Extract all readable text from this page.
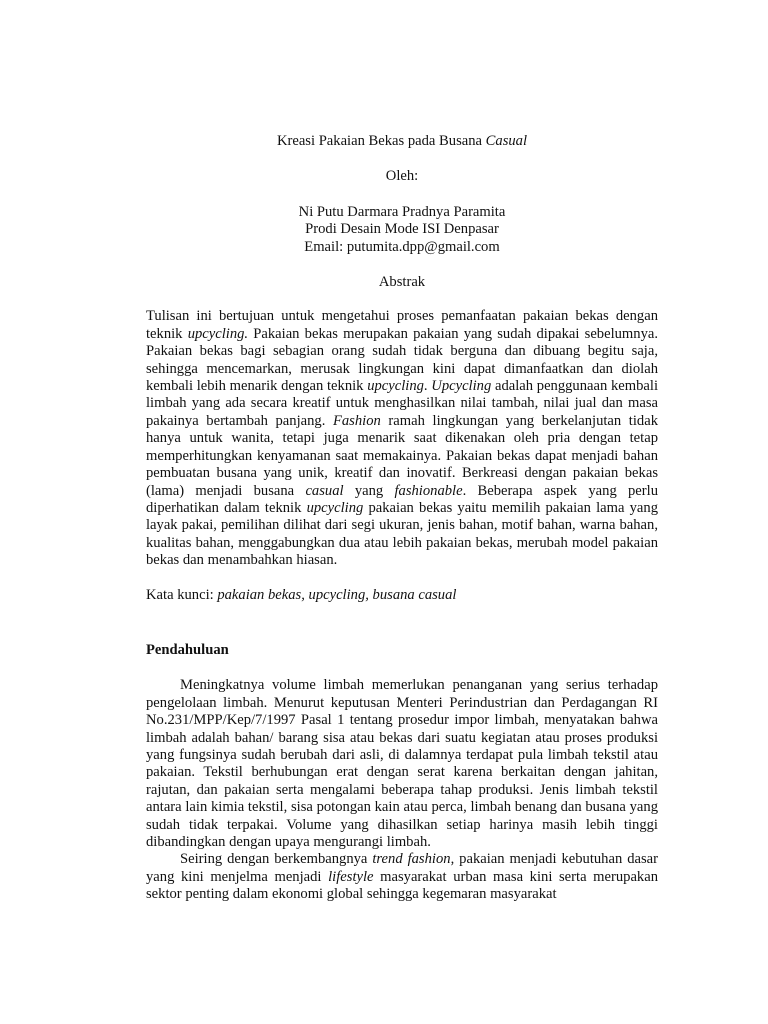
Kreasi Pakaian Bekas pada Busana Casual

Oleh:

Ni Putu Darmara Pradnya Paramita

Prodi Desain Mode ISI Denpasar

Email: putumita.dpp@gmail.com

Abstrak

Tulisan ini bertujuan untuk mengetahui proses pemanfaatan pakaian bekas dengan teknik upcycling. Pakaian bekas merupakan pakaian yang sudah dipakai sebelumnya. Pakaian bekas bagi sebagian orang sudah tidak berguna dan dibuang begitu saja, sehingga mencemarkan, merusak lingkungan kini dapat dimanfaatkan dan diolah kembali lebih menarik dengan teknik upcycling. Upcycling adalah penggunaan kembali limbah yang ada secara kreatif untuk menghasilkan nilai tambah, nilai jual dan masa pakainya bertambah panjang. Fashion ramah lingkungan yang berkelanjutan tidak hanya untuk wanita, tetapi juga menarik saat dikenakan oleh pria dengan tetap memperhitungkan kenyamanan saat memakainya. Pakaian bekas dapat menjadi bahan pembuatan busana yang unik, kreatif dan inovatif. Berkreasi dengan pakaian bekas (lama) menjadi busana casual yang fashionable. Beberapa aspek yang perlu diperhatikan dalam teknik upcycling pakaian bekas yaitu memilih pakaian lama yang layak pakai, pemilihan dilihat dari segi ukuran, jenis bahan, motif bahan, warna bahan, kualitas bahan, menggabungkan dua atau lebih pakaian bekas, merubah model pakaian bekas dan menambahkan hiasan.

Kata kunci: pakaian bekas, upcycling, busana casual

Pendahuluan

Meningkatnya volume limbah memerlukan penanganan yang serius terhadap pengelolaan limbah. Menurut keputusan Menteri Perindustrian dan Perdagangan RI No.231/MPP/Kep/7/1997 Pasal 1 tentang prosedur impor limbah, menyatakan bahwa limbah adalah bahan/ barang sisa atau bekas dari suatu kegiatan atau proses produksi yang fungsinya sudah berubah dari asli, di dalamnya terdapat pula limbah tekstil atau pakaian. Tekstil berhubungan erat dengan serat karena berkaitan dengan jahitan, rajutan, dan pakaian serta mengalami beberapa tahap produksi. Jenis limbah tekstil antara lain kimia tekstil, sisa potongan kain atau perca, limbah benang dan busana yang sudah tidak terpakai. Volume yang dihasilkan setiap harinya masih lebih tinggi dibandingkan dengan upaya mengurangi limbah.

Seiring dengan berkembangnya trend fashion, pakaian menjadi kebutuhan dasar yang kini menjelma menjadi lifestyle masyarakat urban masa kini serta merupakan sektor penting dalam ekonomi global sehingga kegemaran masyarakat
